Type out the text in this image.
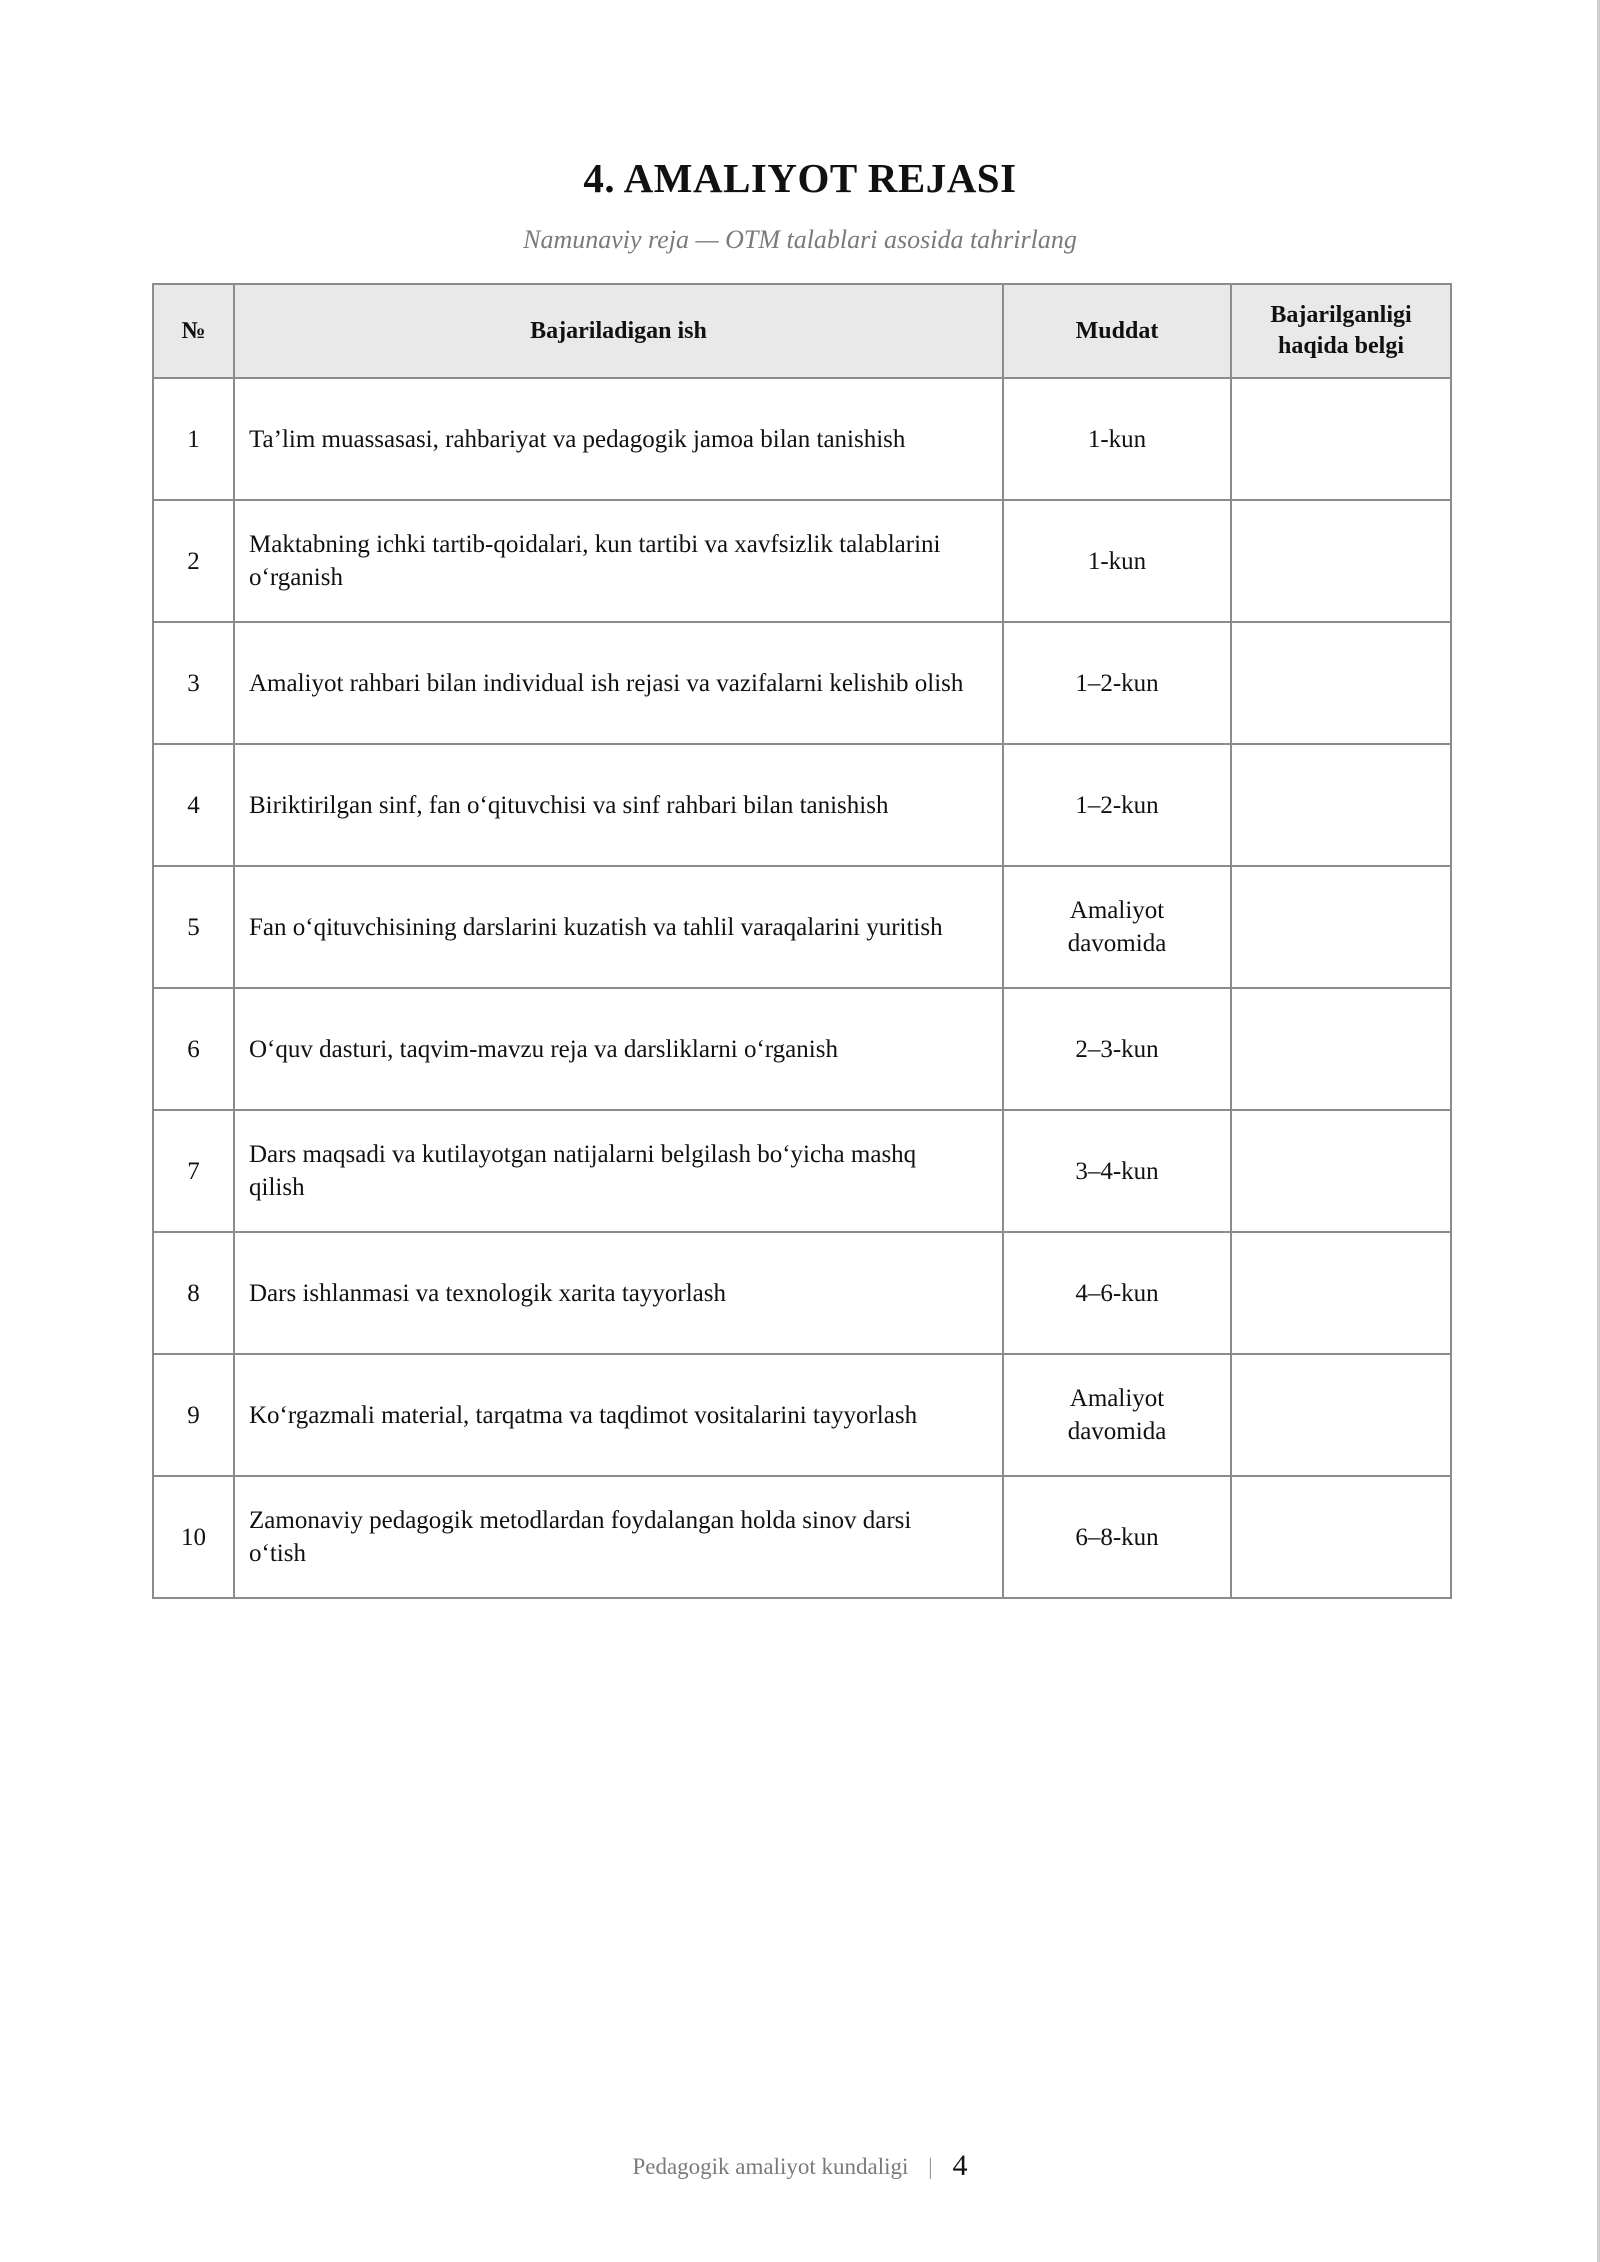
4. AMALIYOT REJASI
Namunaviy reja — OTM talablari asosida tahrirlang
№	Bajariladigan ish	Muddat	Bajarilganligi haqida belgi
1	Ta’lim muassasasi, rahbariyat va pedagogik jamoa bilan tanishish	1-kun	
2	Maktabning ichki tartib-qoidalari, kun tartibi va xavfsizlik talablarini o‘rganish	1-kun	
3	Amaliyot rahbari bilan individual ish rejasi va vazifalarni kelishib olish	1–2-kun	
4	Biriktirilgan sinf, fan o‘qituvchisi va sinf rahbari bilan tanishish	1–2-kun	
5	Fan o‘qituvchisining darslarini kuzatish va tahlil varaqalarini yuritish	Amaliyot davomida	
6	O‘quv dasturi, taqvim-mavzu reja va darsliklarni o‘rganish	2–3-kun	
7	Dars maqsadi va kutilayotgan natijalarni belgilash bo‘yicha mashq qilish	3–4-kun	
8	Dars ishlanmasi va texnologik xarita tayyorlash	4–6-kun	
9	Ko‘rgazmali material, tarqatma va taqdimot vositalarini tayyorlash	Amaliyot davomida	
10	Zamonaviy pedagogik metodlardan foydalangan holda sinov darsi o‘tish	6–8-kun	
Pedagogik amaliyot kundaligi | 4
